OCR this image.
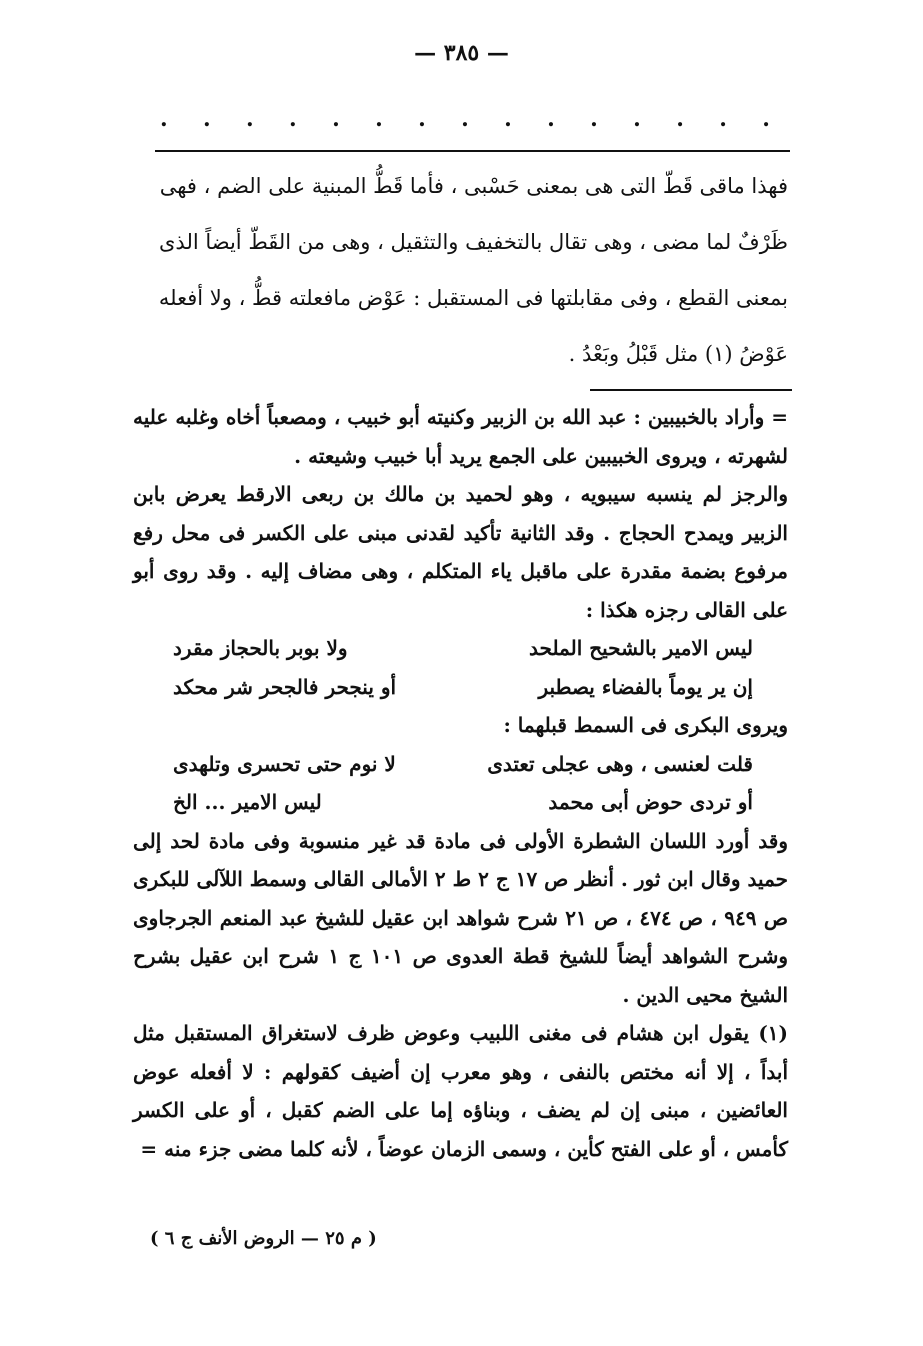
— ٣٨٥ —
. . . . . . . . . . . . . . .

فهذا ماقى قَطّ التى هى بمعنى حَسْبى ، فأما قَطُّ المبنية على الضم ، فهى

ظَرْفٌ لما مضى ، وهى تقال بالتخفيف والتثقيل ، وهى من القَطّ أيضاً الذى

بمعنى القطع ، وفى مقابلتها فى المستقبل : عَوْض مافعلته قطُّ ، ولا أفعله

عَوْضُ (١) مثل قَبْلُ وبَعْدُ .

= وأراد بالخبيبين : عبد الله بن الزبير وكنيته أبو خبيب ، ومصعباً أخاه وغلبه عليه لشهرته ، ويروى الخبيبين على الجمع يريد أبا خبيب وشيعته .

والرجز لم ينسبه سيبويه ، وهو لحميد بن مالك بن ربعى الارقط يعرض بابن الزبير ويمدح الحجاج . وقد الثانية تأكيد لقدنى مبنى على الكسر فى محل رفع مرفوع بضمة مقدرة على ماقبل ياء المتكلم ، وهى مضاف إليه . وقد روى أبو على القالى رجزه هكذا :

ليس الامير بالشحيح الملحد
ولا بوبر بالحجاز مقرد
إن ير يوماً بالفضاء يصطبر
أو ينجحر فالجحر شر محكد

ويروى البكرى فى السمط قبلهما :

قلت لعنسى ، وهى عجلى تعتدى
لا نوم حتى تحسرى وتلهدى
أو تردى حوض أبى محمد
ليس الامير ... الخ

وقد أورد اللسان الشطرة الأولى فى مادة قد غير منسوبة وفى مادة لحد إلى حميد وقال ابن ثور . أنظر ص ١٧ ج ٢ ط ٢ الأمالى القالى وسمط اللآلى للبكرى ص ٩٤٩ ، ص ٤٧٤ ، ص ٢١ شرح شواهد ابن عقيل للشيخ عبد المنعم الجرجاوى وشرح الشواهد أيضاً للشيخ قطة العدوى ص ١٠١ ج ١ شرح ابن عقيل بشرح الشيخ محيى الدين .

(١) يقول ابن هشام فى مغنى اللبيب وعوض ظرف لاستغراق المستقبل مثل أبداً ، إلا أنه مختص بالنفى ، وهو معرب إن أضيف كقولهم : لا أفعله عوض العائضين ، مبنى إن لم يضف ، وبناؤه إما على الضم كقبل ، أو على الكسر كأمس ، أو على الفتح كأين ، وسمى الزمان عوضاً ، لأنه كلما مضى جزء منه =

( م ٢٥ — الروض الأنف ج ٦ )
